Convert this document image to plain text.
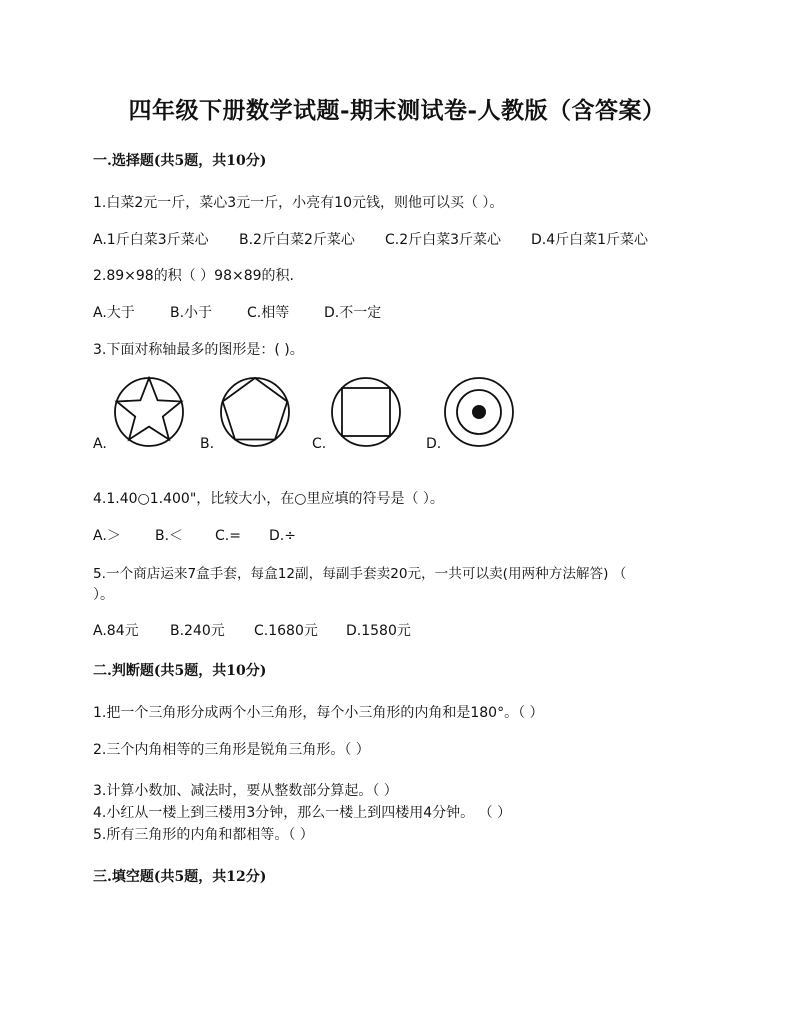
四年级下册数学试题-期末测试卷-人教版（含答案）
一.选择题(共5题，共10分)
1.白菜2元一斤，菜心3元一斤，小亮有10元钱，则他可以买（ ）。
A.1斤白菜3斤菜心 B.2斤白菜2斤菜心 C.2斤白菜3斤菜心 D.4斤白菜1斤菜心
2.89×98的积（ ）98×89的积.
A.大于	B.小于 C.相等 D.不一定
3.下面对称轴最多的图形是：( )。
A.	B.	C.	D.
4.1.40○1.400"，比较大小，在○里应填的符号是（ ）。
A.＞ B.＜ C.= D.÷
5.一个商店运来7盒手套，每盒12副，每副手套卖20元，一共可以卖(用两种方法解答) （
）。
A.84元 B.240元 C.1680元 D.1580元
二.判断题(共5题，共10分)
1.把一个三角形分成两个小三角形，每个小三角形的内角和是180°。（ ）
2.三个内角相等的三角形是锐角三角形。（ ）
3.计算小数加、减法时，要从整数部分算起。（ ）
4.小红从一楼上到三楼用3分钟，那么一楼上到四楼用4分钟。 （ ）
5.所有三角形的内角和都相等。（ ）
三.填空题(共5题，共12分)
